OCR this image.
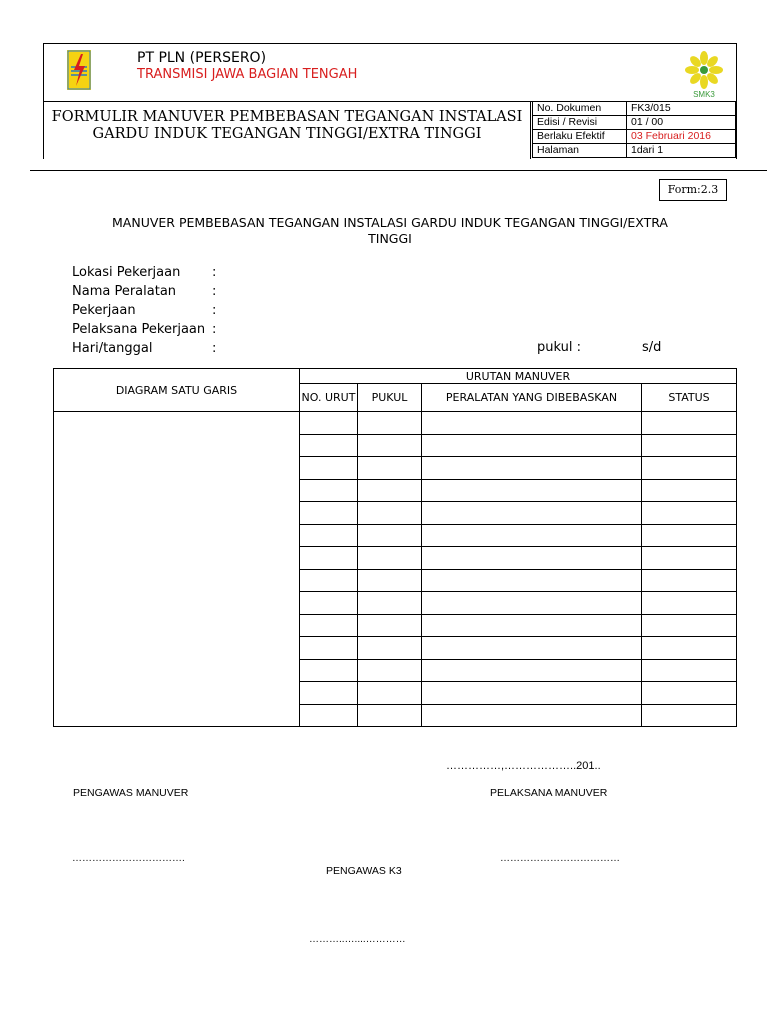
PT PLN (PERSERO)
TRANSMISI JAWA BAGIAN TENGAH
SMK3
FORMULIR MANUVER PEMBEBASAN TEGANGAN INSTALASI GARDU INDUK TEGANGAN TINGGI/EXTRA TINGGI
No. Dokumen	FK3/015
Edisi / Revisi	01 / 00
Berlaku Efektif	03 Februari 2016
Halaman	1dari 1
Form:2.3
MANUVER PEMBEBASAN TEGANGAN INSTALASI GARDU INDUK TEGANGAN TINGGI/EXTRA TINGGI
Lokasi Pekerjaan :
Nama Peralatan	:
Pekerjaan	:
Pelaksana Pekerjaan :
Hari/tanggal	:	pukul :	s/d
DIAGRAM SATU GARIS	URUTAN MANUVER			
	NO. URUT	PUKUL	PERALATAN YANG DIBEBASKAN	STATUS

……………,………………..201..
PENGAWAS MANUVER	PELAKSANA MANUVER
…………………………….	………………………………
PENGAWAS K3
………..…....…………
